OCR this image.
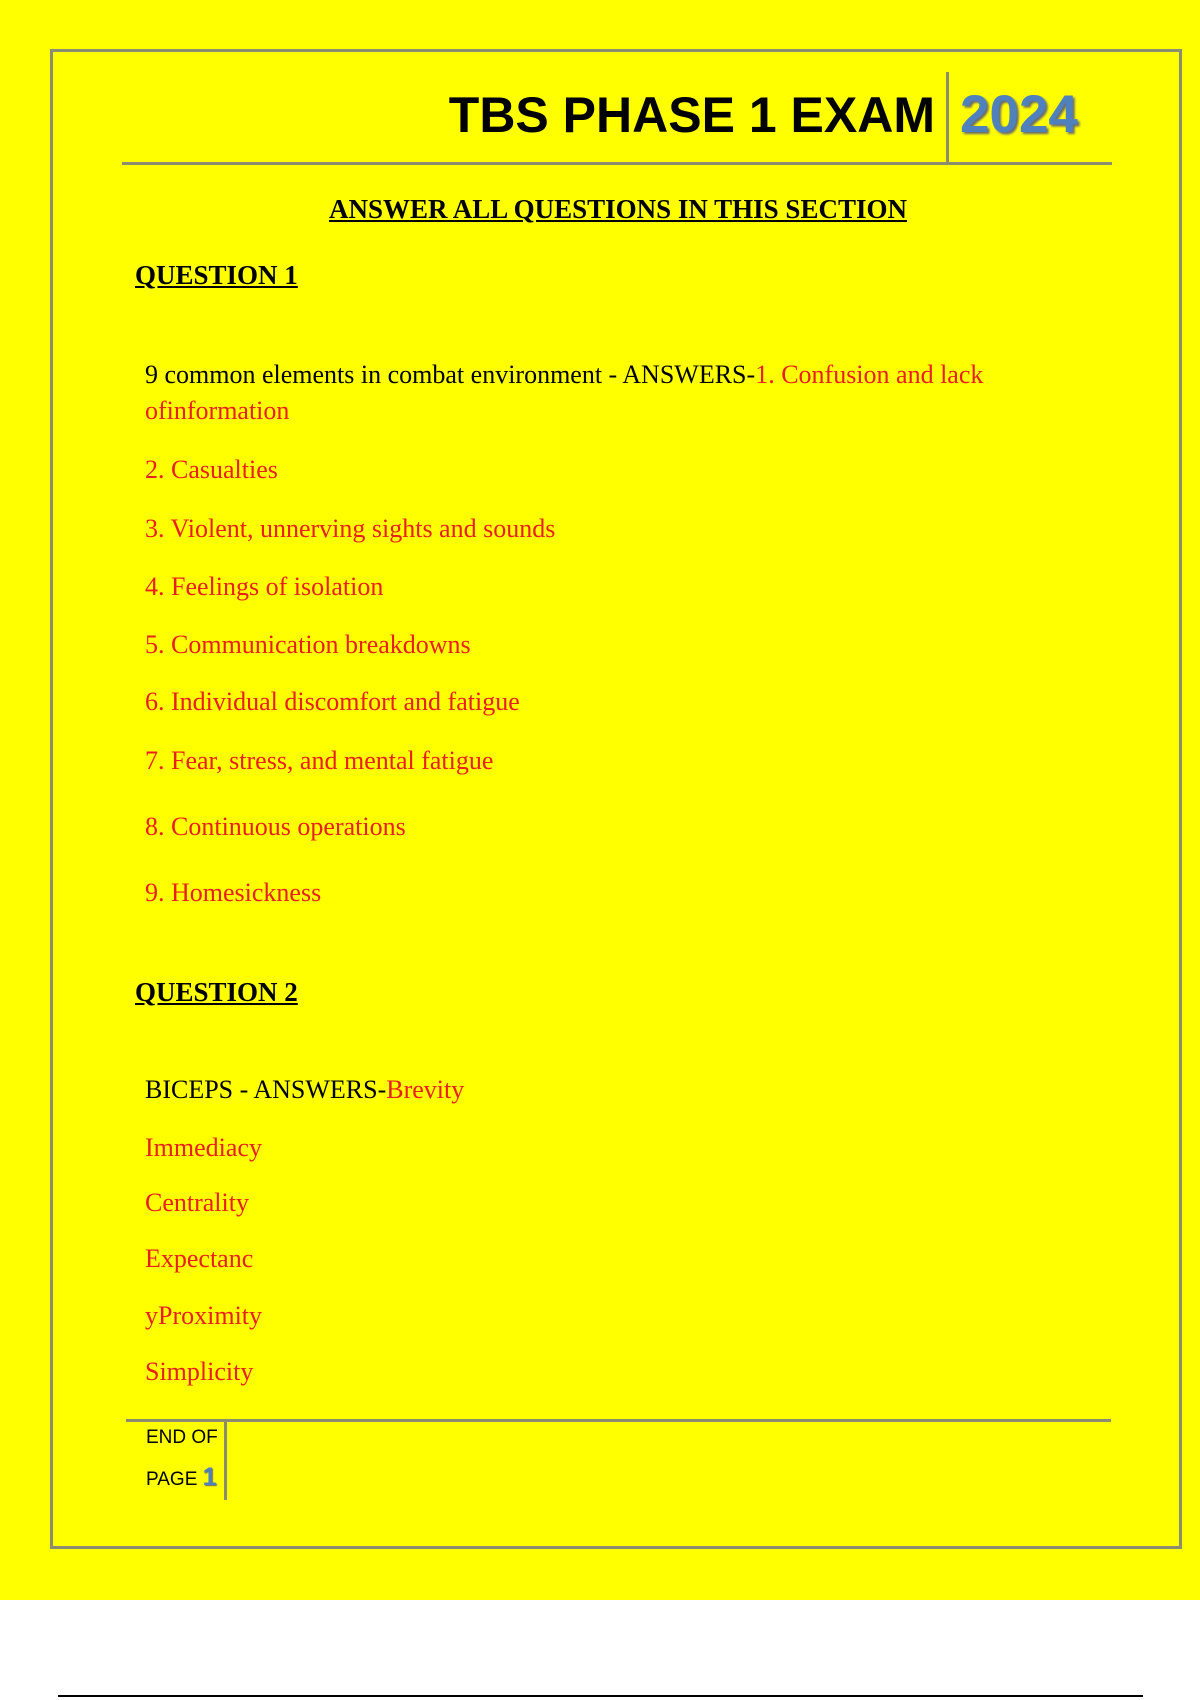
TBS PHASE 1 EXAM 2024
ANSWER ALL QUESTIONS IN THIS SECTION
QUESTION 1
9 common elements in combat environment - ANSWERS-1. Confusion and lack ofinformation
2. Casualties
3. Violent, unnerving sights and sounds
4. Feelings of isolation
5. Communication breakdowns
6. Individual discomfort and fatigue
7. Fear, stress, and mental fatigue
8. Continuous operations
9. Homesickness
QUESTION 2
BICEPS - ANSWERS-Brevity
Immediacy
Centrality
Expectanc
yProximity
Simplicity
END OF
PAGE 1
